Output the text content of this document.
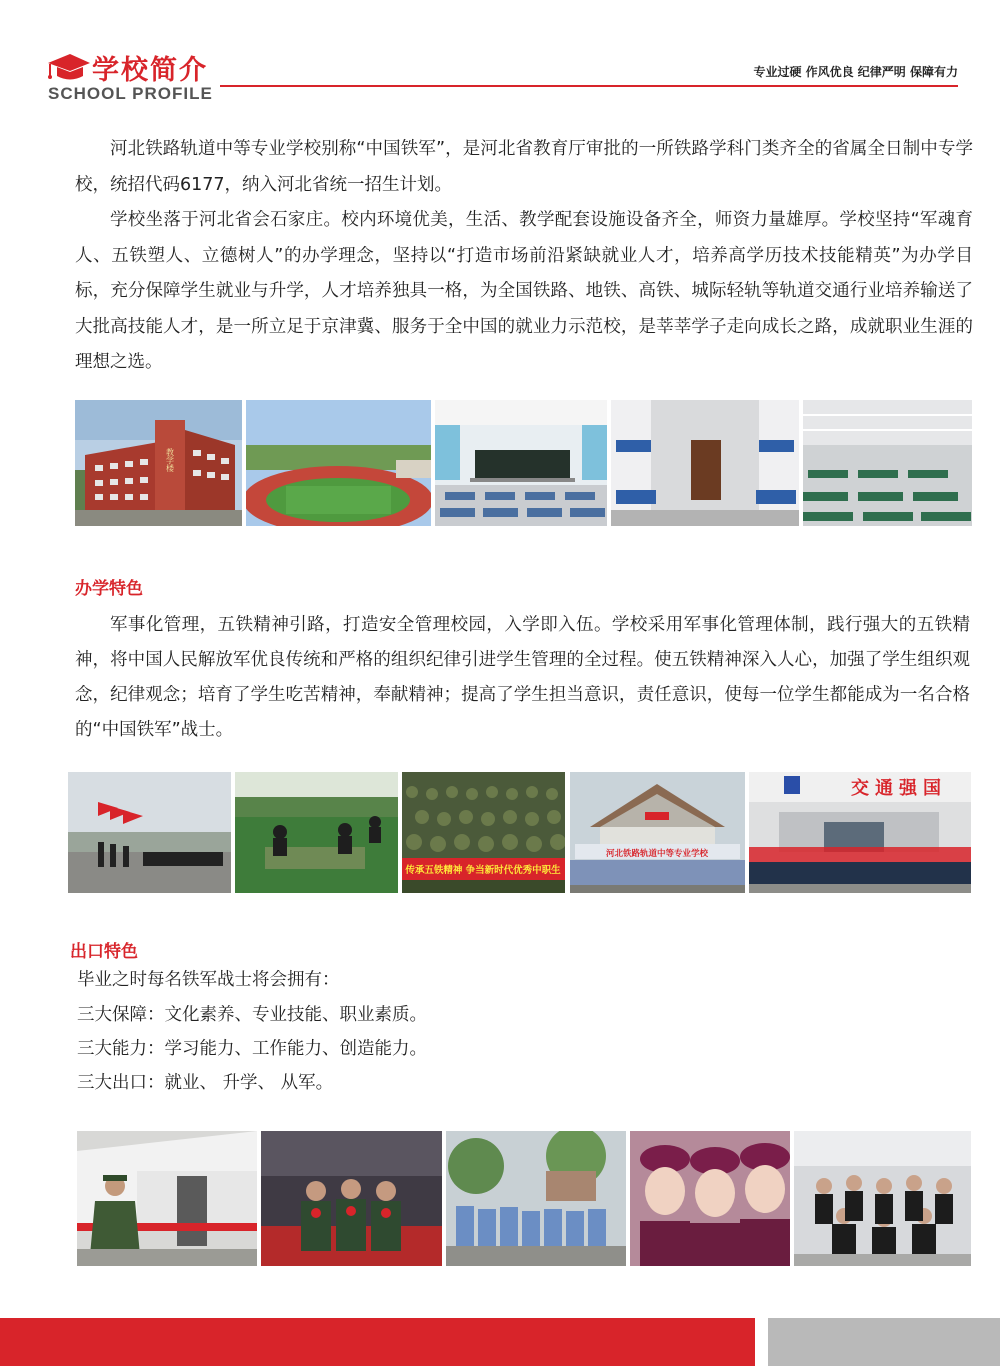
学校简介
SCHOOL PROFILE
专业过硬 作风优良 纪律严明 保障有力

河北铁路轨道中等专业学校别称“中国铁军”，是河北省教育厅审批的一所铁路学科门类齐全的省属全日制中专学校，统招代码6177，纳入河北省统一招生计划。

学校坐落于河北省会石家庄。校内环境优美，生活、教学配套设施设备齐全，师资力量雄厚。学校坚持“军魂育人、五铁塑人、立德树人”的办学理念，坚持以“打造市场前沿紧缺就业人才，培养高学历技术技能精英”为办学目标，充分保障学生就业与升学，人才培养独具一格，为全国铁路、地铁、高铁、城际轻轨等轨道交通行业培养输送了大批高技能人才，是一所立足于京津冀、服务于全中国的就业力示范校，是莘莘学子走向成长之路，成就职业生涯的理想之选。

教学楼
办学特色

军事化管理，五铁精神引路，打造安全管理校园，入学即入伍。学校采用军事化管理体制，践行强大的五铁精神，将中国人民解放军优良传统和严格的组织纪律引进学生管理的全过程。使五铁精神深入人心，加强了学生组织观念，纪律观念；培育了学生吃苦精神，奉献精神；提高了学生担当意识，责任意识，使每一位学生都能成为一名合格的“中国铁军”战士。

传承五铁精神 争当新时代优秀中职生
河北铁路轨道中等专业学校
交通强国
出口特色
毕业之时每名铁军战士将会拥有：
三大保障：文化素养、专业技能、职业素质。
三大能力：学习能力、工作能力、创造能力。
三大出口：就业、 升学、 从军。
